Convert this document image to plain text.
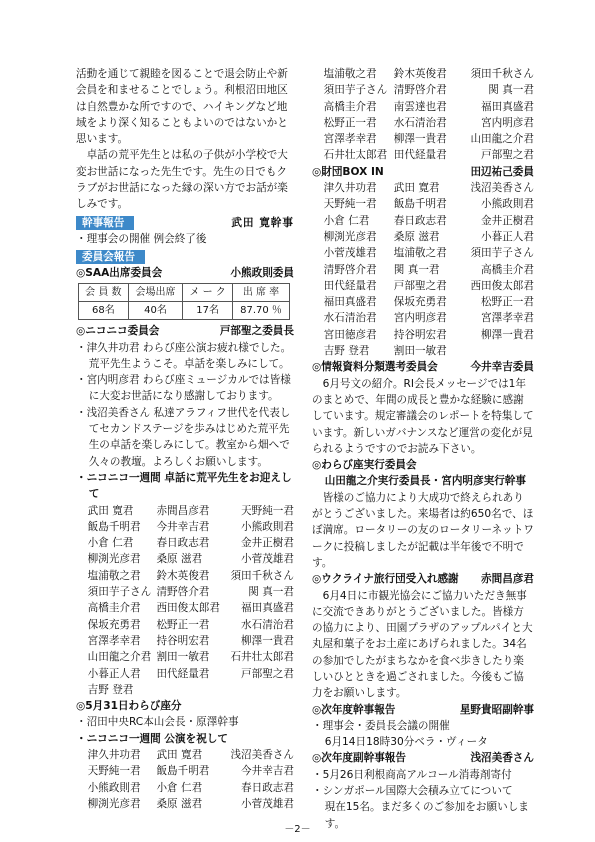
活動を通じて親睦を図ることで退会防止や新会員を和ませることでしょう。利根沼田地区は自然豊かな所ですので、ハイキングなど地域をより深く知ることもよいのではないかと思います。

卓話の荒平先生とは私の子供が小学校で大変お世話になった先生です。先生の日でもクラブがお世話になった縁の深い方でお話が楽しみです。

幹事報告	武田 寛幹事

・理事会の開催 例会終了後

委員会報告
◎SAA出席委員会	小熊政則委員
会 員 数	会場出席	メ ー ク	出 席 率
68名	40名	17名	87.70 ％
◎ニコニコ委員会	戸部聖之委員長

・津久井功君 わらび座公演お疲れ様でした。荒平先生ようこそ。卓話を楽しみにして。

・宮内明彦君 わらび座ミュージカルでは皆様に大変お世話になり感謝しております。

・浅沼美香さん 私達アラフィフ世代を代表してセカンドステージを歩みはじめた荒平先生の卓話を楽しみにして。教室から畑へで久々の教壇。よろしくお願いします。

・ニコニコ一週間 卓話に荒平先生をお迎えして

武田 寛君	赤間昌彦君	天野純一君
飯島千明君	今井幸吉君	小熊政則君
小倉 仁君	春日政志君	金井正樹君
柳渕光彦君	桑原 滋君	小菅茂雄君
塩浦敬之君	鈴木英俊君	須田千秋さん
須田芋子さん 清野啓介君	関 真一君
高橋圭介君	西田俊太郎君	福田真盛君
保坂充勇君	松野正一君	水石清治君
宮澤孝幸君	持谷明宏君	柳澤一貴君
山田龍之介君 割田一敏君	石井壮太郎君
小暮正人君	田代経量君	戸部聖之君
吉野 登君

◎5月31日わらび座分

・沼田中央RC本山会長・原澤幹事

・ニコニコ一週間 公演を祝して

津久井功君	武田 寛君	浅沼美香さん
天野純一君	飯島千明君	今井幸吉君
小熊政則君	小倉 仁君	春日政志君
柳渕光彦君	桑原 滋君	小菅茂雄君
塩浦敬之君	鈴木英俊君	須田千秋さん
須田芋子さん 清野啓介君	関 真一君
高橋圭介君	南雲達也君	福田真盛君
松野正一君	水石清治君	宮内明彦君
宮澤孝幸君	柳澤一貴君	山田龍之介君
石井壮太郎君 田代経量君	戸部聖之君
◎財団BOX IN	田辺祐己委員
津久井功君	武田 寛君	浅沼美香さん
天野純一君	飯島千明君	小熊政則君
小倉 仁君	春日政志君	金井正樹君
柳渕光彦君	桑原 滋君	小暮正人君
小菅茂雄君	塩浦敬之君	須田芋子さん
清野啓介君	関 真一君	高橋圭介君
田代経量君	戸部聖之君	西田俊太郎君
福田真盛君	保坂充勇君	松野正一君
水石清治君	宮内明彦君	宮澤孝幸君
宮田徳彦君	持谷明宏君	柳澤一貴君
吉野 登君	割田一敏君
◎情報資料分類選考委員会	今井幸吉委員

6月号文の紹介。RI会長メッセージでは1年のまとめで、年間の成長と豊かな経験に感謝しています。規定審議会のレポートを特集しています。新しいガバナンスなど運営の変化が見られるようですのでお読み下さい。

◎わらび座実行委員会

山田龍之介実行委員長・宮内明彦実行幹事

皆様のご協力により大成功で終えられありがとうございました。来場者は約650名で、ほぼ満席。ロータリーの友のロータリーネットワークに投稿しましたが記載は半年後で不明です。

◎ウクライナ旅行団受入れ感謝 赤間昌彦君

6月4日に市観光協会にご協力いただき無事に交流できありがとうございました。皆様方の協力により、田園プラザのアップルパイと大丸屋和菓子をお土産にあげられました。34名の参加でしたがまちなかを食べ歩きしたり楽しいひとときを過ごされました。今後もご協力をお願いします。

◎次年度幹事報告	星野貴昭副幹事

・理事会・委員長会議の開催

6月14日18時30分ベラ・ヴィータ

◎次年度副幹事報告	浅沼美香さん

・5月26日利根商高アルコール消毒剤寄付

・シンガポール国際大会積み立てについて

現在15名。まだ多くのご参加をお願いします。

－2－
